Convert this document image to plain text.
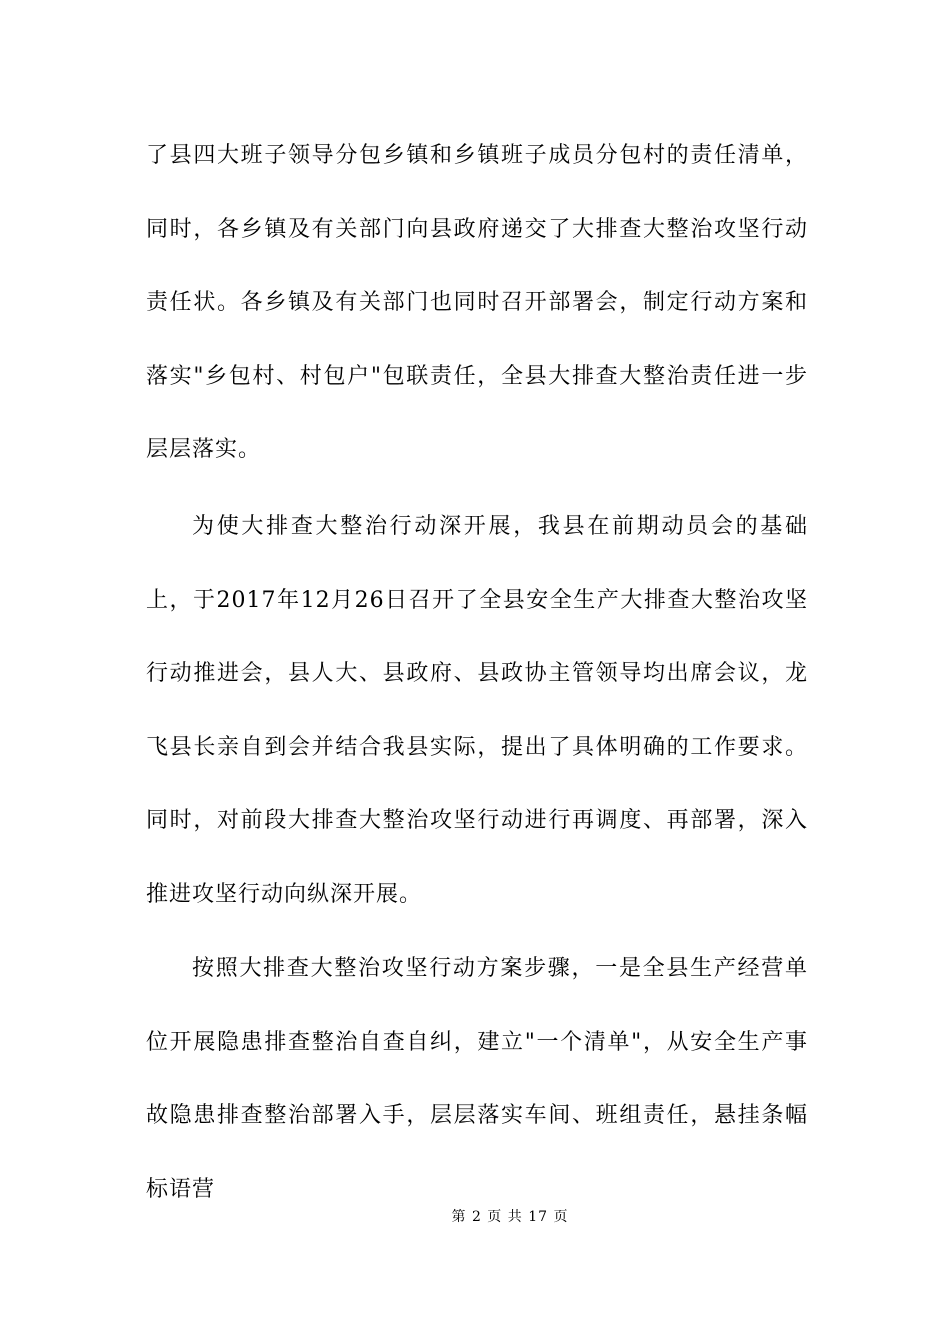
了县四大班子领导分包乡镇和乡镇班子成员分包村的责任清单，同时，各乡镇及有关部门向县政府递交了大排查大整治攻坚行动责任状。各乡镇及有关部门也同时召开部署会，制定行动方案和落实"乡包村、村包户"包联责任，全县大排查大整治责任进一步层层落实。

为使大排查大整治行动深开展，我县在前期动员会的基础上，于2017年12月26日召开了全县安全生产大排查大整治攻坚行动推进会，县人大、县政府、县政协主管领导均出席会议，龙飞县长亲自到会并结合我县实际，提出了具体明确的工作要求。同时，对前段大排查大整治攻坚行动进行再调度、再部署，深入推进攻坚行动向纵深开展。

按照大排查大整治攻坚行动方案步骤，一是全县生产经营单位开展隐患排查整治自查自纠，建立"一个清单"，从安全生产事故隐患排查整治部署入手，层层落实车间、班组责任，悬挂条幅标语营

第 2 页 共 17 页
